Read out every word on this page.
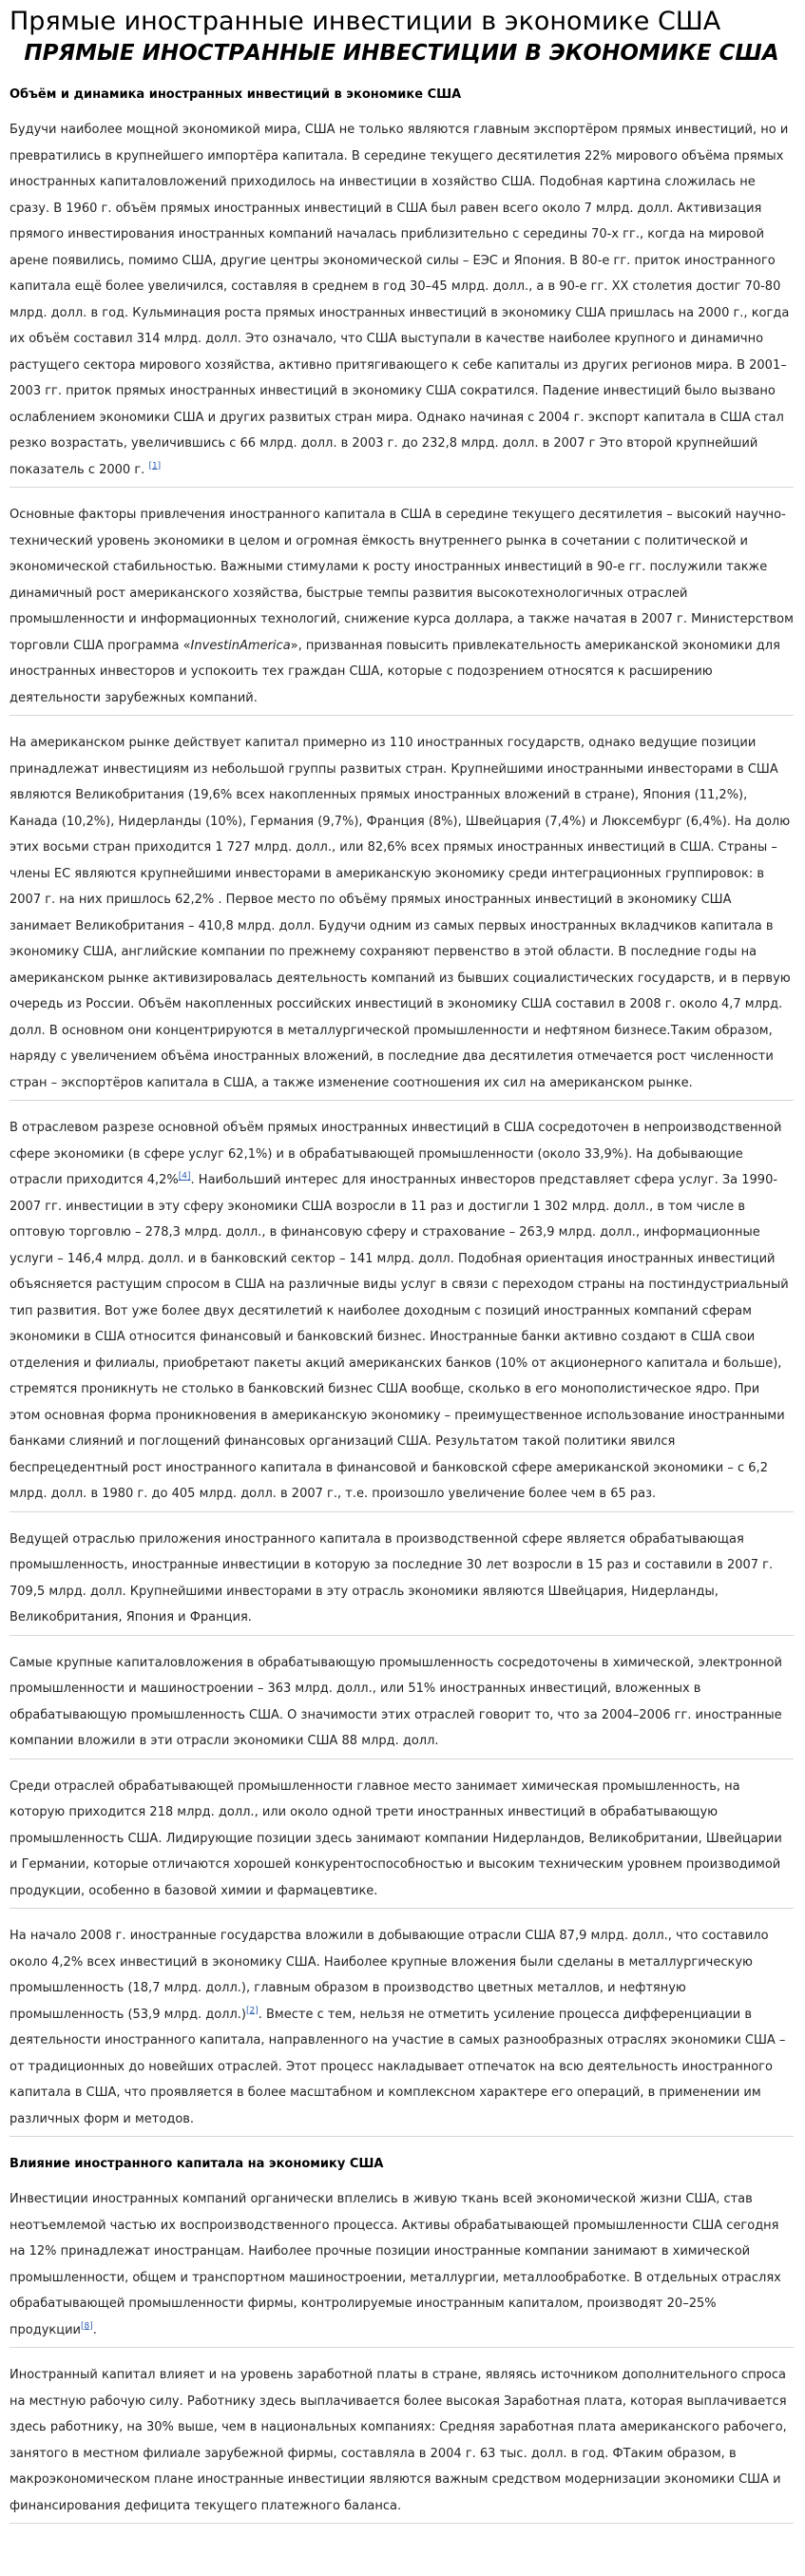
Прямые иностранные инвестиции в экономике США
ПРЯМЫЕ ИНОСТРАННЫЕ ИНВЕСТИЦИИ В ЭКОНОМИКЕ США
Объём и динамика иностранных инвестиций в экономике США

Будучи наиболее мощной экономикой мира, США не только являются главным экспортёром прямых инвестиций, но и превратились в крупнейшего импортёра капитала. В середине текущего десятилетия 22% мирового объёма прямых иностранных капиталовложений приходилось на инвестиции в хозяйство США. Подобная картина сложилась не сразу. В 1960 г. объём прямых иностранных инвестиций в США был равен всего около 7 млрд. долл. Активизация прямого инвестирования иностранных компаний началась приблизительно с середины 70-х гг., когда на мировой арене появились, помимо США, другие центры экономической силы – ЕЭС и Япония. В 80-е гг. приток иностранного капитала ещё более увеличился, составляя в среднем в год 30–45 млрд. долл., а в 90-е гг. XX столетия достиг 70-80 млрд. долл. в год. Кульминация роста прямых иностранных инвестиций в экономику США пришлась на 2000 г., когда их объём составил 314 млрд. долл. Это означало, что США выступали в качестве наиболее крупного и динамично растущего сектора мирового хозяйства, активно притягивающего к себе капиталы из других регионов мира. В 2001–2003 гг. приток прямых иностранных инвестиций в экономику США сократился. Падение инвестиций было вызвано ослаблением экономики США и других развитых стран мира. Однако начиная с 2004 г. экспорт капитала в США стал резко возрастать, увеличившись с 66 млрд. долл. в 2003 г. до 232,8 млрд. долл. в 2007 г Это второй крупнейший показатель с 2000 г. [1]

Основные факторы привлечения иностранного капитала в США в середине текущего десятилетия – высокий научно-технический уровень экономики в целом и огромная ёмкость внутреннего рынка в сочетании с политической и экономической стабильностью. Важными стимулами к росту иностранных инвестиций в 90-е гг. послужили также динамичный рост американского хозяйства, быстрые темпы развития высокотехнологичных отраслей промышленности и информационных технологий, снижение курса доллара, а также начатая в 2007 г. Министерством торговли США программа «InvestinAmerica», призванная повысить привлекательность американской экономики для иностранных инвесторов и успокоить тех граждан США, которые с подозрением относятся к расширению деятельности зарубежных компаний.

На американском рынке действует капитал примерно из 110 иностранных государств, однако ведущие позиции принадлежат инвестициям из небольшой группы развитых стран. Крупнейшими иностранными инвесторами в США являются Великобритания (19,6% всех накопленных прямых иностранных вложений в стране), Япония (11,2%), Канада (10,2%), Нидерланды (10%), Германия (9,7%), Франция (8%), Швейцария (7,4%) и Люксембург (6,4%). На долю этих восьми стран приходится 1 727 млрд. долл., или 82,6% всех прямых иностранных инвестиций в США. Страны – члены ЕС являются крупнейшими инвесторами в американскую экономику среди интеграционных группировок: в 2007 г. на них пришлось 62,2% . Первое место по объёму прямых иностранных инвестиций в экономику США занимает Великобритания – 410,8 млрд. долл. Будучи одним из самых первых иностранных вкладчиков капитала в экономику США, английские компании по прежнему сохраняют первенство в этой области. В последние годы на американском рынке активизировалась деятельность компаний из бывших социалистических государств, и в первую очередь из России. Объём накопленных российских инвестиций в экономику США составил в 2008 г. около 4,7 млрд. долл. В основном они концентрируются в металлургической промышленности и нефтяном бизнесе.Таким образом, наряду с увеличением объёма иностранных вложений, в последние два десятилетия отмечается рост численности стран – экспортёров капитала в США, а также изменение соотношения их сил на американском рынке.

В отраслевом разрезе основной объём прямых иностранных инвестиций в США сосредоточен в непроизводственной сфере экономики (в сфере услуг 62,1%) и в обрабатывающей промышленности (около 33,9%). На добывающие отрасли приходится 4,2%[4]. Наибольший интерес для иностранных инвесторов представляет сфера услуг. За 1990-2007 гг. инвестиции в эту сферу экономики США возросли в 11 раз и достигли 1 302 млрд. долл., в том числе в оптовую торговлю – 278,3 млрд. долл., в финансовую сферу и страхование – 263,9 млрд. долл., информационные услуги – 146,4 млрд. долл. и в банковский сектор – 141 млрд. долл. Подобная ориентация иностранных инвестиций объясняется растущим спросом в США на различные виды услуг в связи с переходом страны на постиндустриальный тип развития. Вот уже более двух десятилетий к наиболее доходным с позиций иностранных компаний сферам экономики в США относится финансовый и банковский бизнес. Иностранные банки активно создают в США свои отделения и филиалы, приобретают пакеты акций американских банков (10% от акционерного капитала и больше), стремятся проникнуть не столько в банковский бизнес США вообще, сколько в его монополистическое ядро. При этом основная форма проникновения в американскую экономику – преимущественное использование иностранными банками слияний и поглощений финансовых организаций США. Результатом такой политики явился беспрецедентный рост иностранного капитала в финансовой и банковской сфере американской экономики – с 6,2 млрд. долл. в 1980 г. до 405 млрд. долл. в 2007 г., т.е. произошло увеличение более чем в 65 раз.

Ведущей отраслью приложения иностранного капитала в производственной сфере является обрабатывающая промышленность, иностранные инвестиции в которую за последние 30 лет возросли в 15 раз и составили в 2007 г. 709,5 млрд. долл. Крупнейшими инвесторами в эту отрасль экономики являются Швейцария, Нидерланды, Великобритания, Япония и Франция.

Самые крупные капиталовложения в обрабатывающую промышленность сосредоточены в химической, электронной промышленности и машиностроении – 363 млрд. долл., или 51% иностранных инвестиций, вложенных в обрабатывающую промышленность США. О значимости этих отраслей говорит то, что за 2004–2006 гг. иностранные компании вложили в эти отрасли экономики США 88 млрд. долл.

Среди отраслей обрабатывающей промышленности главное место занимает химическая промышленность, на которую приходится 218 млрд. долл., или около одной трети иностранных инвестиций в обрабатывающую промышленность США. Лидирующие позиции здесь занимают компании Нидерландов, Великобритании, Швейцарии и Германии, которые отличаются хорошей конкурентоспособностью и высоким техническим уровнем производимой продукции, особенно в базовой химии и фармацевтике.

На начало 2008 г. иностранные государства вложили в добывающие отрасли США 87,9 млрд. долл., что составило около 4,2% всех инвестиций в экономику США. Наиболее крупные вложения были сделаны в металлургическую промышленность (18,7 млрд. долл.), главным образом в производство цветных металлов, и нефтяную промышленность (53,9 млрд. долл.)[2]. Вместе с тем, нельзя не отметить усиление процесса дифференциации в деятельности иностранного капитала, направленного на участие в самых разнообразных отраслях экономики США – от традиционных до новейших отраслей. Этот процесс накладывает отпечаток на всю деятельность иностранного капитала в США, что проявляется в более масштабном и комплексном характере его операций, в применении им различных форм и методов.

Влияние иностранного капитала на экономику США

Инвестиции иностранных компаний органически вплелись в живую ткань всей экономической жизни США, став неотъемлемой частью их воспроизводственного процесса. Активы обрабатывающей промышленности США сегодня на 12% принадлежат иностранцам. Наиболее прочные позиции иностранные компании занимают в химической промышленности, общем и транспортном машиностроении, металлургии, металлообработке. В отдельных отраслях обрабатывающей промышленности фирмы, контролируемые иностранным капиталом, производят 20–25% продукции[8].

Иностранный капитал влияет и на уровень заработной платы в стране, являясь источником дополнительного спроса на местную рабочую силу. Работнику здесь выплачивается более высокая Заработная плата, которая выплачивается здесь работнику, на 30% выше, чем в национальных компаниях: Средняя заработная плата американского рабочего, занятого в местном филиале зарубежной фирмы, составляла в 2004 г. 63 тыс. долл. в год. ФТаким образом, в макроэкономическом плане иностранные инвестиции являются важным средством модернизации экономики США и финансирования дефицита текущего платежного баланса.
